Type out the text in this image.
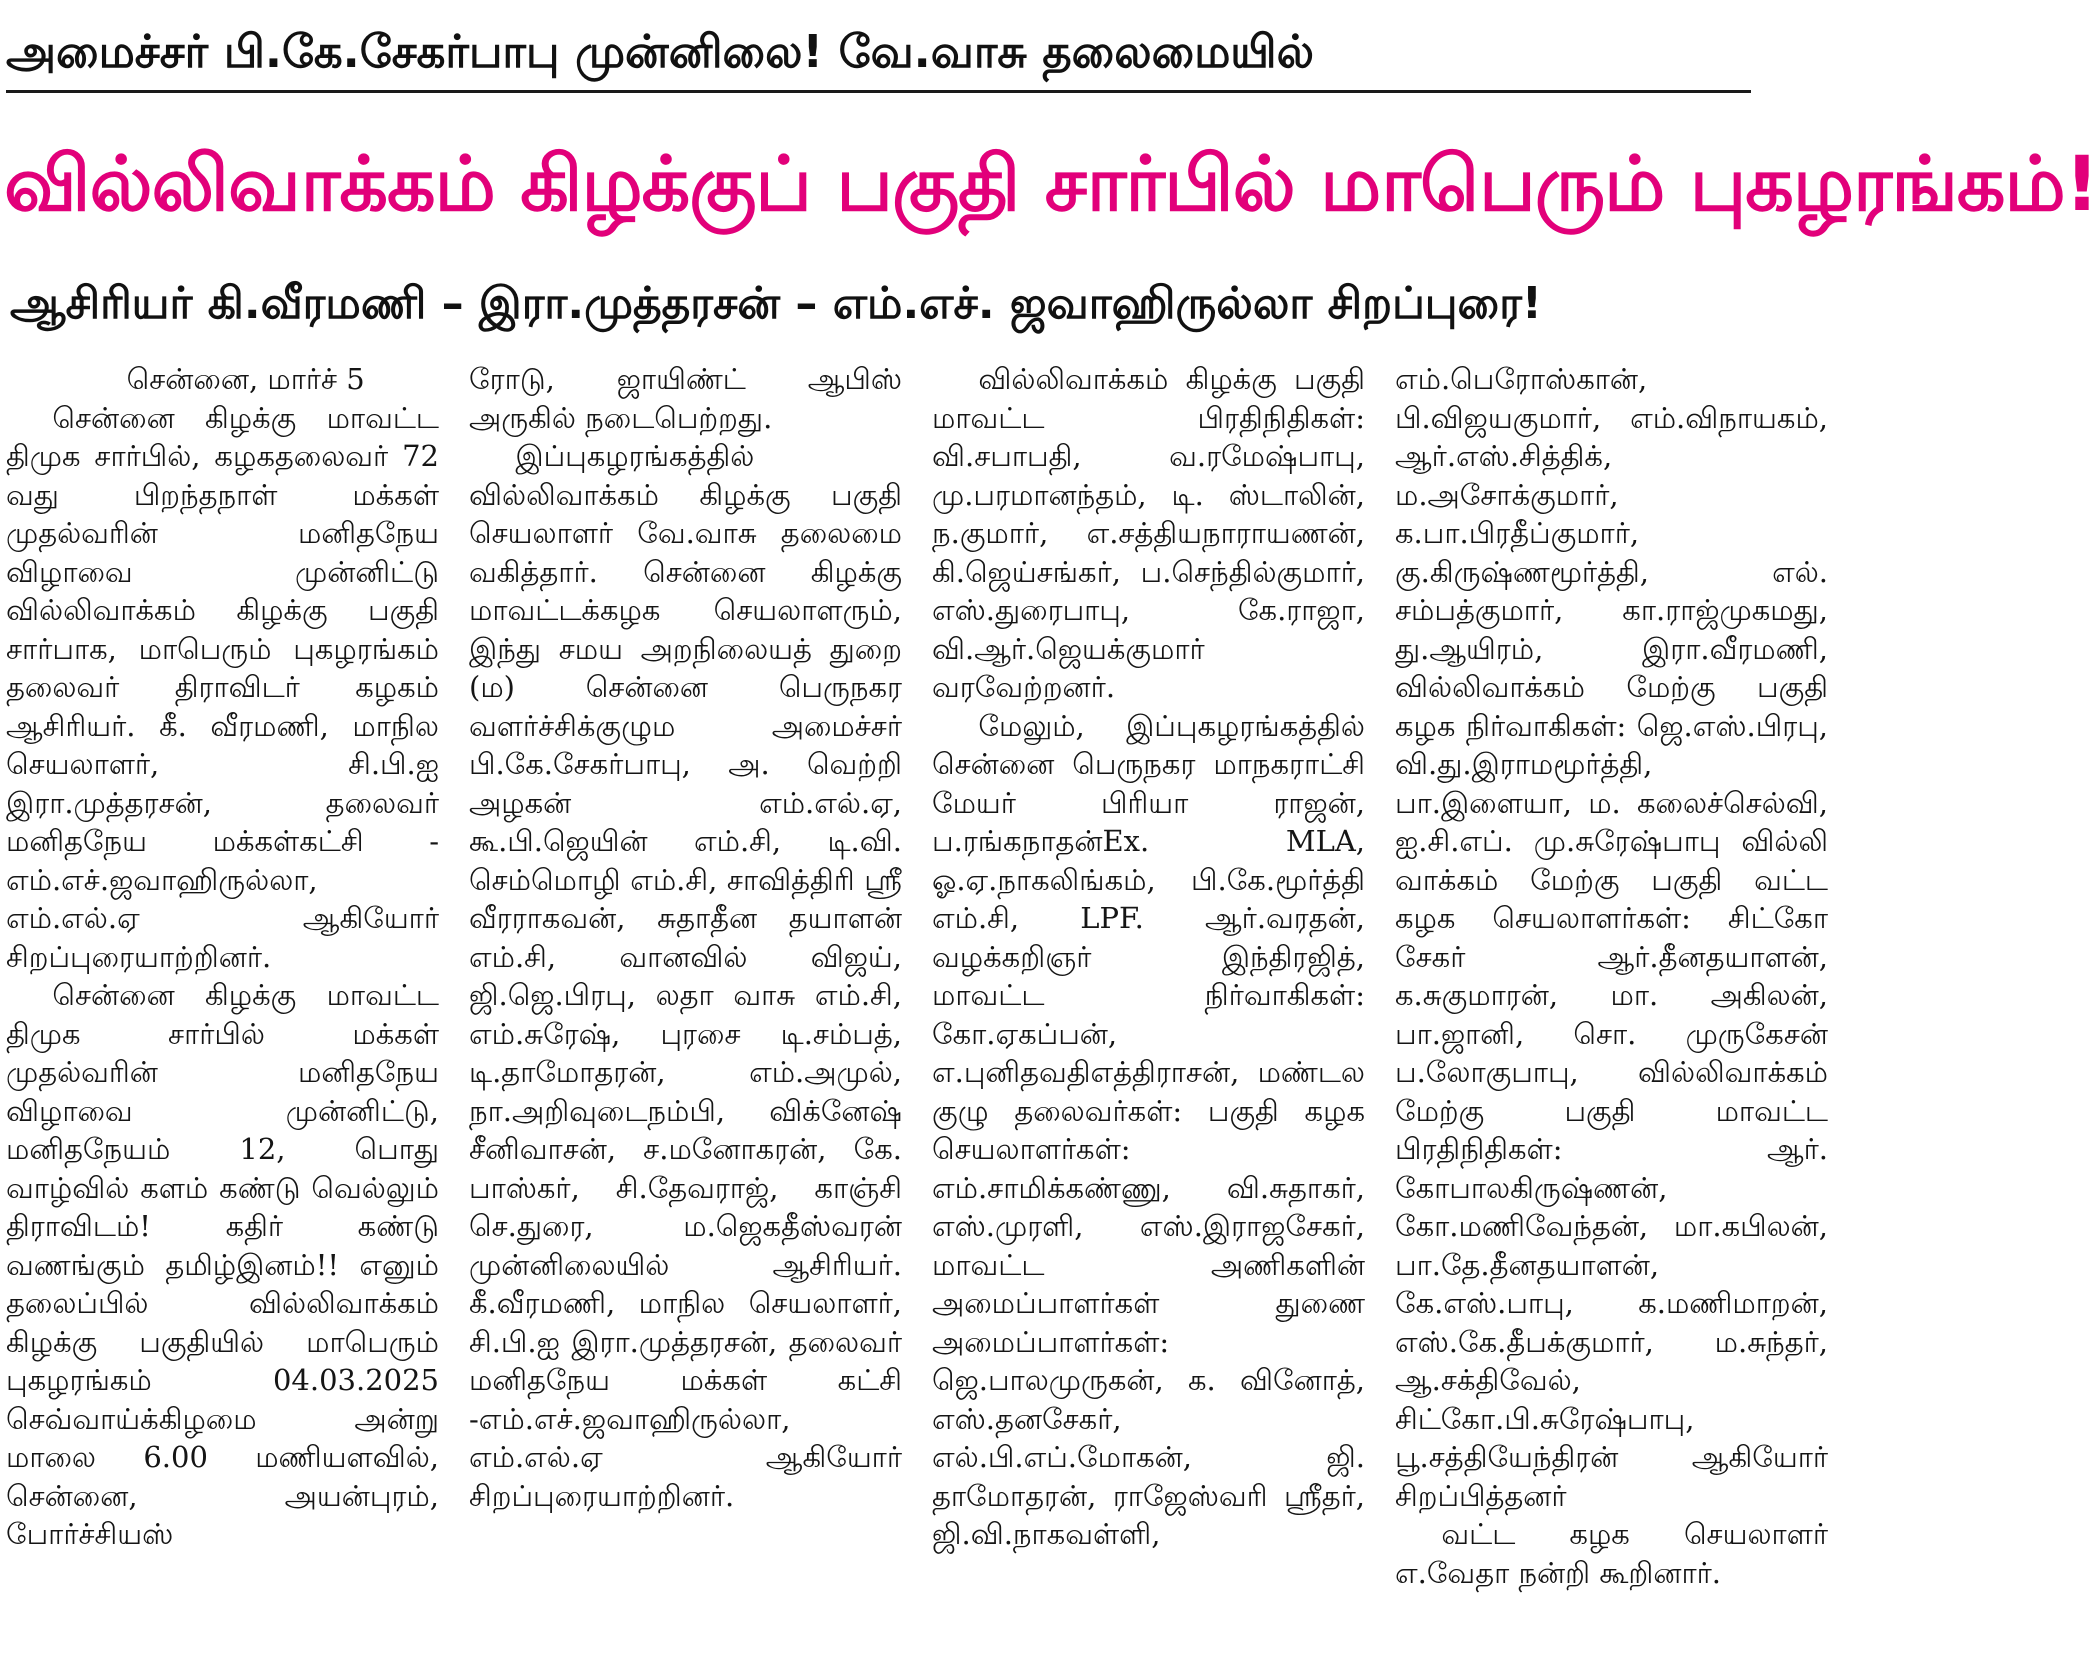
அமைச்சர் பி.கே.சேகர்பாபு முன்னிலை! வே.வாசு தலைமையில்
வில்லிவாக்கம் கிழக்குப் பகுதி சார்பில் மாபெரும் புகழரங்கம்!
ஆசிரியர் கி.வீரமணி – இரா.முத்தரசன் – எம்.எச். ஜவாஹிருல்லா சிறப்புரை!

சென்னை, மார்ச் 5

சென்னை கிழக்கு மாவட்ட திமுக சார்பில், கழகதலைவர் 72 வது பிறந்தநாள் மக்கள் முதல்வரின் மனிதநேய விழாவை முன்னிட்டு வில்லிவாக்கம் கிழக்கு பகுதி சார்பாக, மாபெரும் புகழரங்கம் தலைவர் திராவிடர் கழகம் ஆசிரியர். கீ. வீரமணி, மாநில செயலாளர், சி.பி.ஐ இரா.முத்தரசன், தலைவர் மனிதநேய மக்கள்கட்சி - எம்.எச்.ஜவாஹிருல்லா, எம்.எல்.ஏ ஆகியோர் சிறப்புரையாற்றினர்.

சென்னை கிழக்கு மாவட்ட திமுக சார்பில் மக்கள் முதல்வரின் மனிதநேய விழாவை முன்னிட்டு, மனிதநேயம் 12, பொது வாழ்வில் களம் கண்டு வெல்லும் திராவிடம்! கதிர் கண்டு வணங்கும் தமிழ்இனம்!! எனும் தலைப்பில் வில்லிவாக்கம் கிழக்கு பகுதியில் மாபெரும் புகழரங்கம் 04.03.2025 செவ்வாய்க்கிழமை அன்று மாலை 6.00 மணியளவில், சென்னை, அயன்புரம், போர்ச்சியஸ்

ரோடு, ஜாயிண்ட் ஆபிஸ் அருகில் நடைபெற்றது.

இப்புகழரங்கத்தில் வில்லிவாக்கம் கிழக்கு பகுதி செயலாளர் வே.வாசு தலைமை வகித்தார். சென்னை கிழக்கு மாவட்டக்கழக செயலாளரும், இந்து சமய அறநிலையத் துறை (ம) சென்னை பெருநகர வளர்ச்சிக்குழும அமைச்சர் பி.கே.சேகர்பாபு, அ. வெற்றி அழகன் எம்.எல்.ஏ, கூ.பி.ஜெயின் எம்.சி, டி.வி. செம்மொழி எம்.சி, சாவித்திரி ஸ்ரீ வீரராகவன், சுதாதீன தயாளன் எம்.சி, வானவில் விஜய், ஜி.ஜெ.பிரபு, லதா வாசு எம்.சி, எம்.சுரேஷ், புரசை டி.சம்பத், டி.தாமோதரன், எம்.அமுல், நா.அறிவுடைநம்பி, விக்னேஷ் சீனிவாசன், ச.மனோகரன், கே. பாஸ்கர், சி.தேவராஜ், காஞ்சி செ.துரை, ம.ஜெகதீஸ்வரன் முன்னிலையில் ஆசிரியர். கீ.வீரமணி, மாநில செயலாளர், சி.பி.ஐ இரா.முத்தரசன், தலைவர் மனிதநேய மக்கள் கட்சி -எம்.எச்.ஜவாஹிருல்லா, எம்.எல்.ஏ ஆகியோர் சிறப்புரையாற்றினர்.

வில்லிவாக்கம் கிழக்கு பகுதி மாவட்ட பிரதிநிதிகள்: வி.சபாபதி, வ.ரமேஷ்பாபு, மு.பரமானந்தம், டி. ஸ்டாலின், ந.குமார், எ.சத்தியநாராயணன், கி.ஜெய்சங்கர், ப.செந்தில்குமார், எஸ்.துரைபாபு, கே.ராஜா, வி.ஆர்.ஜெயக்குமார் வரவேற்றனர்.

மேலும், இப்புகழரங்கத்தில் சென்னை பெருநகர மாநகராட்சி மேயர் பிரியா ராஜன், ப.ரங்கநாதன்Ex. MLA, ஓ.ஏ.நாகலிங்கம், பி.கே.மூர்த்தி எம்.சி, LPF. ஆர்.வரதன், வழக்கறிஞர் இந்திரஜித், மாவட்ட நிர்வாகிகள்: கோ.ஏகப்பன், எ.புனிதவதிஎத்திராசன், மண்டல குழு தலைவர்கள்: பகுதி கழக செயலாளர்கள்: எம்.சாமிக்கண்ணு, வி.சுதாகர், எஸ்.முரளி, எஸ்.இராஜசேகர், மாவட்ட அணிகளின் அமைப்பாளர்கள் துணை அமைப்பாளர்கள்: ஜெ.பாலமுருகன், க. வினோத், எஸ்.தனசேகர், எல்.பி.எப்.மோகன், ஜி. தாமோதரன், ராஜேஸ்வரி ஸ்ரீதர், ஜி.வி.நாகவள்ளி,

எம்.பெரோஸ்கான், பி.விஜயகுமார், எம்.விநாயகம், ஆர்.எஸ்.சித்திக், ம.அசோக்குமார், க.பா.பிரதீப்குமார், கு.கிருஷ்ணமூர்த்தி, எல். சம்பத்குமார், கா.ராஜ்முகமது, து.ஆயிரம், இரா.வீரமணி, வில்லிவாக்கம் மேற்கு பகுதி கழக நிர்வாகிகள்: ஜெ.எஸ்.பிரபு, வி.து.இராமமூர்த்தி, பா.இளையா, ம. கலைச்செல்வி, ஐ.சி.எப். மு.சுரேஷ்பாபு வில்லி வாக்கம் மேற்கு பகுதி வட்ட கழக செயலாளர்கள்: சிட்கோ சேகர் ஆர்.தீனதயாளன், க.சுகுமாரன், மா. அகிலன், பா.ஜானி, சொ. முருகேசன் ப.லோகுபாபு, வில்லிவாக்கம் மேற்கு பகுதி மாவட்ட பிரதிநிதிகள்: ஆர். கோபாலகிருஷ்ணன், கோ.மணிவேந்தன், மா.கபிலன், பா.தே.தீனதயாளன், கே.எஸ்.பாபு, க.மணிமாறன், எஸ்.கே.தீபக்குமார், ம.சுந்தர், ஆ.சக்திவேல், சிட்கோ.பி.சுரேஷ்பாபு, பூ.சத்தியேந்திரன் ஆகியோர் சிறப்பித்தனர்

வட்ட கழக செயலாளர் எ.வேதா நன்றி கூறினார்.
